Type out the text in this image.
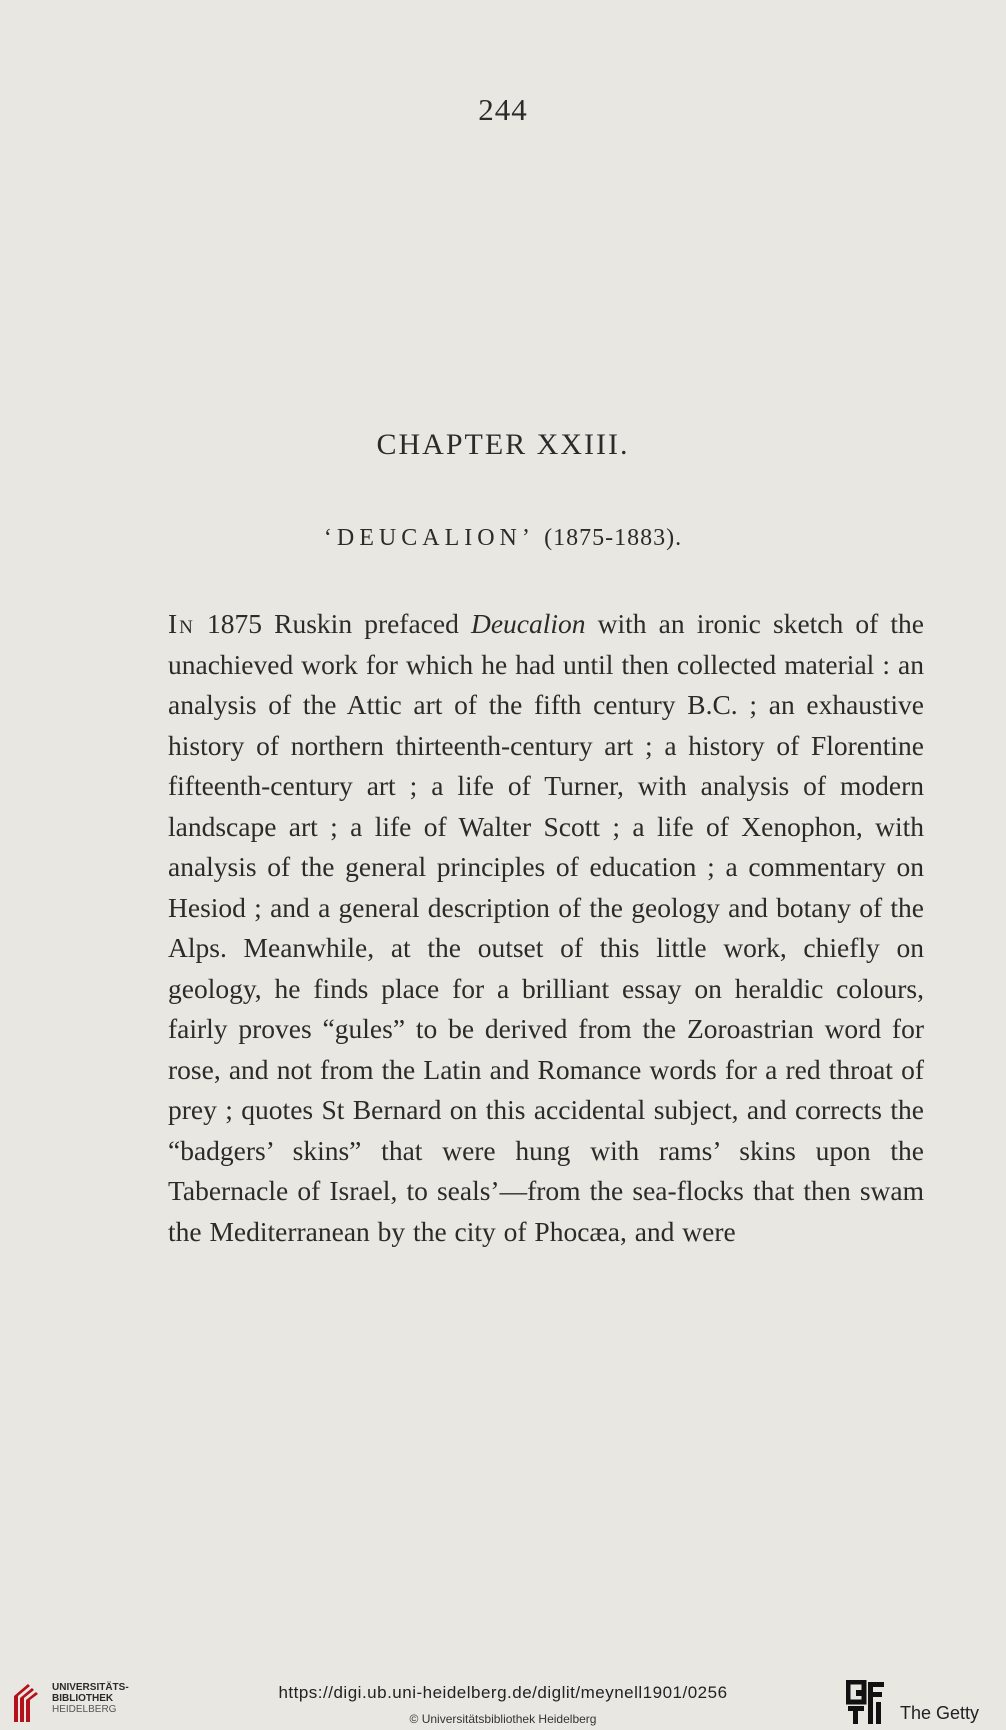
244
CHAPTER XXIII.
‘DEUCALION’ (1875-1883).
In 1875 Ruskin prefaced Deucalion with an ironic sketch of the unachieved work for which he had until then collected material : an analysis of the Attic art of the fifth century B.C. ; an exhaustive history of northern thirteenth-century art ; a history of Florentine fifteenth-century art ; a life of Turner, with analysis of modern landscape art ; a life of Walter Scott ; a life of Xenophon, with analysis of the general principles of education ; a commentary on Hesiod ; and a general description of the geology and botany of the Alps. Meanwhile, at the outset of this little work, chiefly on geology, he finds place for a brilliant essay on heraldic colours, fairly proves “gules” to be derived from the Zoroastrian word for rose, and not from the Latin and Romance words for a red throat of prey ; quotes St Bernard on this accidental subject, and corrects the “badgers’ skins” that were hung with rams’ skins upon the Tabernacle of Israel, to seals’—from the sea-flocks that then swam the Mediterranean by the city of Phocæa, and were
UNIVERSITÄTS-
BIBLIOTHEK
HEIDELBERG
https://digi.ub.uni-heidelberg.de/diglit/meynell1901/0256
© Universitätsbibliothek Heidelberg	The Getty
